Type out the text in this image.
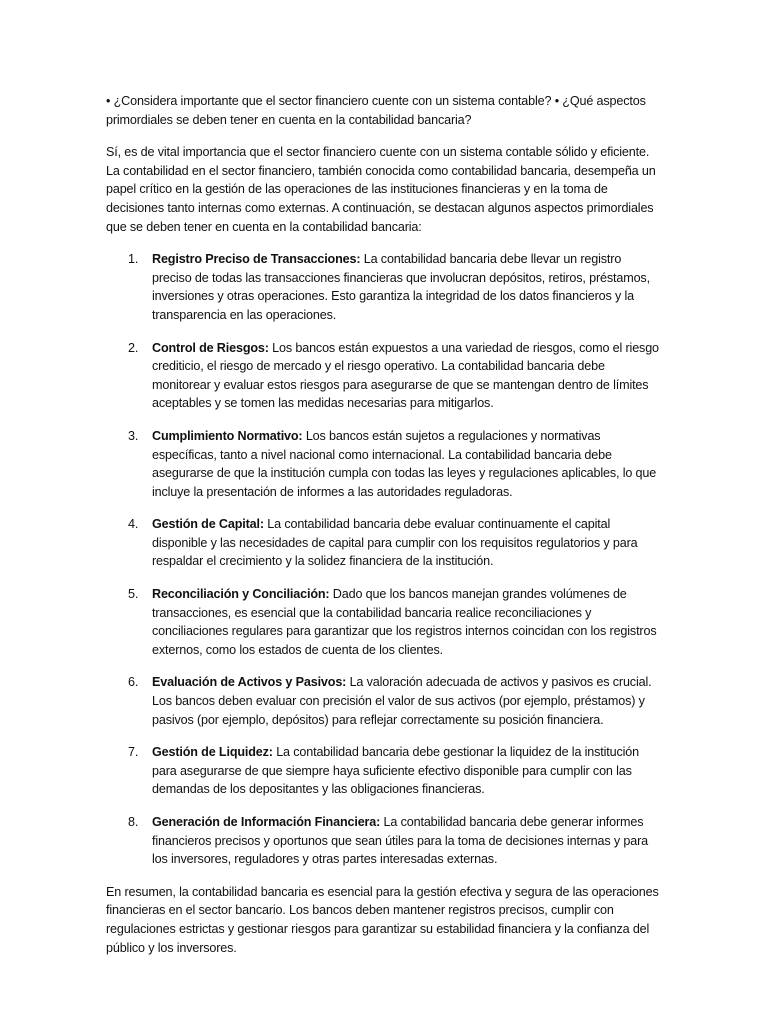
• ¿Considera importante que el sector financiero cuente con un sistema contable? • ¿Qué aspectos primordiales se deben tener en cuenta en la contabilidad bancaria?

Sí, es de vital importancia que el sector financiero cuente con un sistema contable sólido y eficiente. La contabilidad en el sector financiero, también conocida como contabilidad bancaria, desempeña un papel crítico en la gestión de las operaciones de las instituciones financieras y en la toma de decisiones tanto internas como externas. A continuación, se destacan algunos aspectos primordiales que se deben tener en cuenta en la contabilidad bancaria:

1. Registro Preciso de Transacciones: La contabilidad bancaria debe llevar un registro preciso de todas las transacciones financieras que involucran depósitos, retiros, préstamos, inversiones y otras operaciones. Esto garantiza la integridad de los datos financieros y la transparencia en las operaciones.
2. Control de Riesgos: Los bancos están expuestos a una variedad de riesgos, como el riesgo crediticio, el riesgo de mercado y el riesgo operativo. La contabilidad bancaria debe monitorear y evaluar estos riesgos para asegurarse de que se mantengan dentro de límites aceptables y se tomen las medidas necesarias para mitigarlos.
3. Cumplimiento Normativo: Los bancos están sujetos a regulaciones y normativas específicas, tanto a nivel nacional como internacional. La contabilidad bancaria debe asegurarse de que la institución cumpla con todas las leyes y regulaciones aplicables, lo que incluye la presentación de informes a las autoridades reguladoras.
4. Gestión de Capital: La contabilidad bancaria debe evaluar continuamente el capital disponible y las necesidades de capital para cumplir con los requisitos regulatorios y para respaldar el crecimiento y la solidez financiera de la institución.
5. Reconciliación y Conciliación: Dado que los bancos manejan grandes volúmenes de transacciones, es esencial que la contabilidad bancaria realice reconciliaciones y conciliaciones regulares para garantizar que los registros internos coincidan con los registros externos, como los estados de cuenta de los clientes.
6. Evaluación de Activos y Pasivos: La valoración adecuada de activos y pasivos es crucial. Los bancos deben evaluar con precisión el valor de sus activos (por ejemplo, préstamos) y pasivos (por ejemplo, depósitos) para reflejar correctamente su posición financiera.
7. Gestión de Liquidez: La contabilidad bancaria debe gestionar la liquidez de la institución para asegurarse de que siempre haya suficiente efectivo disponible para cumplir con las demandas de los depositantes y las obligaciones financieras.
8. Generación de Información Financiera: La contabilidad bancaria debe generar informes financieros precisos y oportunos que sean útiles para la toma de decisiones internas y para los inversores, reguladores y otras partes interesadas externas.

En resumen, la contabilidad bancaria es esencial para la gestión efectiva y segura de las operaciones financieras en el sector bancario. Los bancos deben mantener registros precisos, cumplir con regulaciones estrictas y gestionar riesgos para garantizar su estabilidad financiera y la confianza del público y los inversores.
